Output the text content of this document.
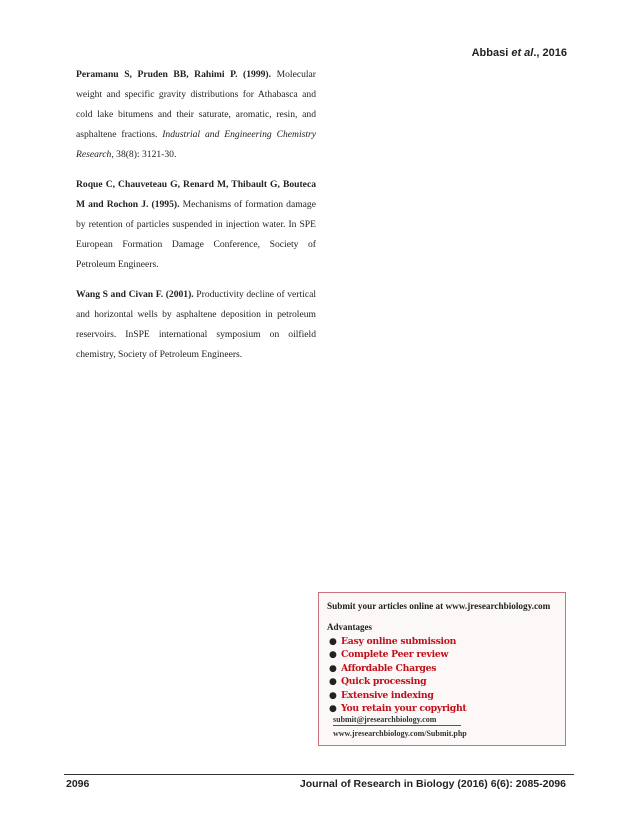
Abbasi et al., 2016
Peramanu S, Pruden BB, Rahimi P. (1999). Molecular weight and specific gravity distributions for Athabasca and cold lake bitumens and their saturate, aromatic, resin, and asphaltene fractions. Industrial and Engineering Chemistry Research, 38(8): 3121-30.
Roque C, Chauveteau G, Renard M, Thibault G, Bouteca M and Rochon J. (1995). Mechanisms of formation damage by retention of particles suspended in injection water. In SPE European Formation Damage Conference, Society of Petroleum Engineers.
Wang S and Civan F. (2001). Productivity decline of vertical and horizontal wells by asphaltene deposition in petroleum reservoirs. InSPE international symposium on oilfield chemistry, Society of Petroleum Engineers.
Submit your articles online at www.jresearchbiology.com
Advantages
● Easy online submission
● Complete Peer review
● Affordable Charges
● Quick processing
● Extensive indexing
● You retain your copyright
submit@jresearchbiology.com
www.jresearchbiology.com/Submit.php
2096	Journal of Research in Biology (2016) 6(6): 2085-2096
